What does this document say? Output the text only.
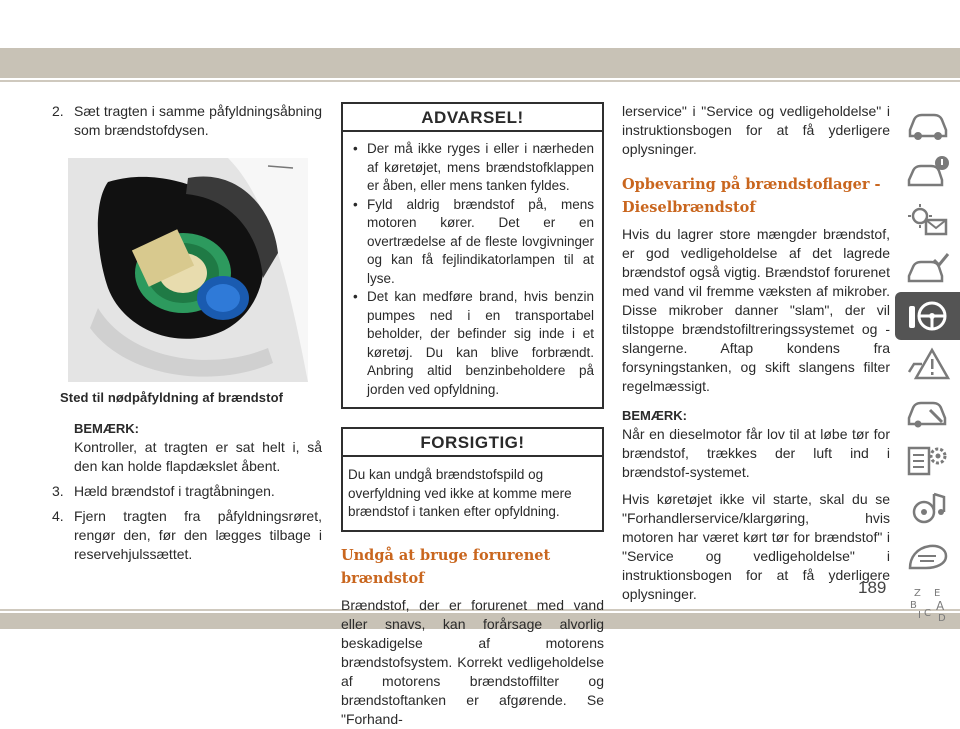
2. Sæt tragten i samme påfyldningsåbning som brændstofdysen.
Sted til nødpåfyldning af brændstof
BEMÆRK:
Kontroller, at tragten er sat helt i, så den kan holde flapdækslet åbent.
3. Hæld brændstof i tragtåbningen.
4. Fjern tragten fra påfyldningsrøret, rengør den, før den lægges tilbage i reservehjulssættet.
ADVARSEL!
• Der må ikke ryges i eller i nærheden af køretøjet, mens brændstofklappen er åben, eller mens tanken fyldes.
• Fyld aldrig brændstof på, mens motoren kører. Det er en overtrædelse af de fleste lovgivninger og kan få fejlindikatorlampen til at lyse.
• Det kan medføre brand, hvis benzin pumpes ned i en transportabel beholder, der befinder sig inde i et køretøj. Du kan blive forbrændt. Anbring altid benzinbeholdere på jorden ved opfyldning.
FORSIGTIG!
Du kan undgå brændstofspild og overfyldning ved ikke at komme mere brændstof i tanken efter opfyldning.
Undgå at bruge forurenet brændstof
Brændstof, der er forurenet med vand eller snavs, kan forårsage alvorlig beskadigelse af motorens brændstofsystem. Korrekt vedligeholdelse af motorens brændstoffilter og brændstoftanken er afgørende. Se "Forhand-
lerservice" i "Service og vedligeholdelse" i instruktionsbogen for at få yderligere oplysninger.
Opbevaring på brændstoflager -
Dieselbrændstof
Hvis du lagrer store mængder brændstof, er god vedligeholdelse af det lagrede brændstof også vigtig. Brændstof forurenet med vand vil fremme væksten af mikrober. Disse mikrober danner "slam", der vil tilstoppe brændstofiltreringssystemet og -slangerne. Aftap kondens fra forsyningstanken, og skift slangens filter regelmæssigt.
BEMÆRK:
Når en dieselmotor får lov til at løbe tør for brændstof, trækkes der luft ind i brændstof-systemet.
Hvis køretøjet ikke vil starte, skal du se "Forhandlerservice/klargøring, hvis motoren har været kørt tør for brændstof" i "Service og vedligeholdelse" i instruktionsbogen for at få yderligere oplysninger.	Z E
B A
I C D
189
